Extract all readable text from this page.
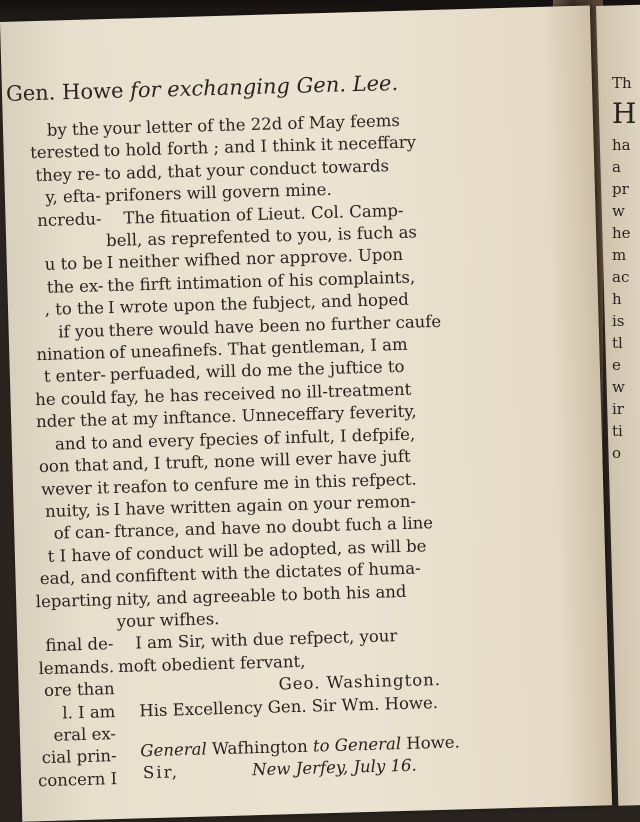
Gen. Howe for exchanging Gen. Lee.
by the
terested
they re-
y, efta-
ncredu-

u to be
the ex-
, to the
if you
nination
t enter-
he could
nder the
and to
oon that
wever it
nuity, is
of can-
t I have
ead, and
leparting

final de-
lemands.
ore than
l. I am
eral ex-
cial prin-
concern I
your letter of the 22d of May feems
to hold forth ; and I think it neceffary
to add, that your conduct towards
prifoners will govern mine.
The fituation of Lieut. Col. Camp-
bell, as reprefented to you, is fuch as
I neither wifhed nor approve. Upon
the firft intimation of his complaints,
I wrote upon the fubject, and hoped
there would have been no further caufe
of uneafinefs. That gentleman, I am
perfuaded, will do me the juftice to
fay, he has received no ill-treatment
at my inftance. Unneceffary feverity,
and every fpecies of infult, I defpife,
and, I truft, none will ever have juft
reafon to cenfure me in this refpect.
I have written again on your remon-
ftrance, and have no doubt fuch a line
of conduct will be adopted, as will be
confiftent with the dictates of huma-
nity, and agreeable to both his and
your wifhes.
I am Sir, with due refpect, your
moft obedient fervant,
Geo. Washington.
His Excellency Gen. Sir Wm. Howe.
General Wafhington to General Howe.
Sir,	New Jerfey, July 16.
Th
H
ha
a
pr
w
he
m
ac
h
is
tl
e
w
ir
ti
o
